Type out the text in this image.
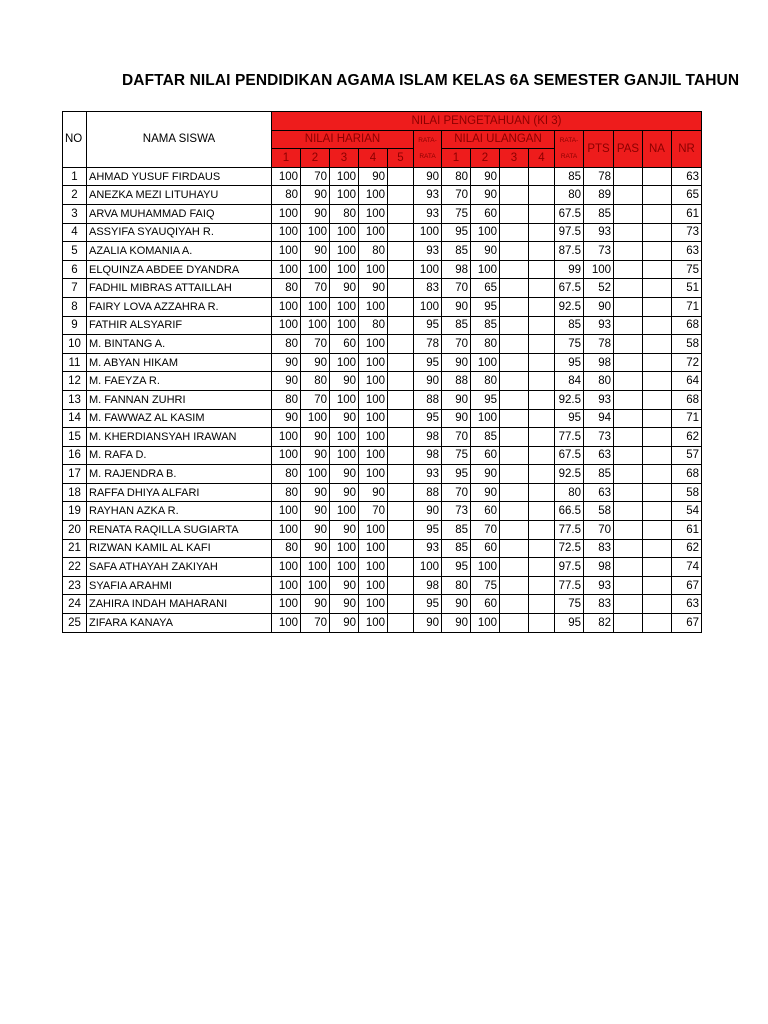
DAFTAR NILAI PENDIDIKAN AGAMA ISLAM KELAS 6A SEMESTER GANJIL TAHUN
NO	NAMA SISWA	NILAI PENGETAHUAN (KI 3)														
		NILAI HARIAN					RATA-RATA	NILAI ULANGAN				RATA-RATA	PTS	PAS	NA	NR
		1	2	3	4	5		1	2	3	4					
1	AHMAD YUSUF FIRDAUS	100	70	100	90		90	80	90			85	78			63
2	ANEZKA MEZI LITUHAYU	80	90	100	100		93	70	90			80	89			65
3	ARVA MUHAMMAD FAIQ	100	90	80	100		93	75	60			67.5	85			61
4	ASSYIFA SYAUQIYAH R.	100	100	100	100		100	95	100			97.5	93			73
5	AZALIA KOMANIA A.	100	90	100	80		93	85	90			87.5	73			63
6	ELQUINZA ABDEE DYANDRA	100	100	100	100		100	98	100			99	100			75
7	FADHIL MIBRAS ATTAILLAH	80	70	90	90		83	70	65			67.5	52			51
8	FAIRY LOVA AZZAHRA R.	100	100	100	100		100	90	95			92.5	90			71
9	FATHIR ALSYARIF	100	100	100	80		95	85	85			85	93			68
10	M. BINTANG A.	80	70	60	100		78	70	80			75	78			58
11	M. ABYAN HIKAM	90	90	100	100		95	90	100			95	98			72
12	M. FAEYZA R.	90	80	90	100		90	88	80			84	80			64
13	M. FANNAN ZUHRI	80	70	100	100		88	90	95			92.5	93			68
14	M. FAWWAZ AL KASIM	90	100	90	100		95	90	100			95	94			71
15	M. KHERDIANSYAH IRAWAN	100	90	100	100		98	70	85			77.5	73			62
16	M. RAFA D.	100	90	100	100		98	75	60			67.5	63			57
17	M. RAJENDRA B.	80	100	90	100		93	95	90			92.5	85			68
18	RAFFA DHIYA ALFARI	80	90	90	90		88	70	90			80	63			58
19	RAYHAN AZKA R.	100	90	100	70		90	73	60			66.5	58			54
20	RENATA RAQILLA SUGIARTA	100	90	90	100		95	85	70			77.5	70			61
21	RIZWAN KAMIL AL KAFI	80	90	100	100		93	85	60			72.5	83			62
22	SAFA ATHAYAH ZAKIYAH	100	100	100	100		100	95	100			97.5	98			74
23	SYAFIA ARAHMI	100	100	90	100		98	80	75			77.5	93			67
24	ZAHIRA INDAH MAHARANI	100	90	90	100		95	90	60			75	83			63
25	ZIFARA KANAYA	100	70	90	100		90	90	100			95	82			67
